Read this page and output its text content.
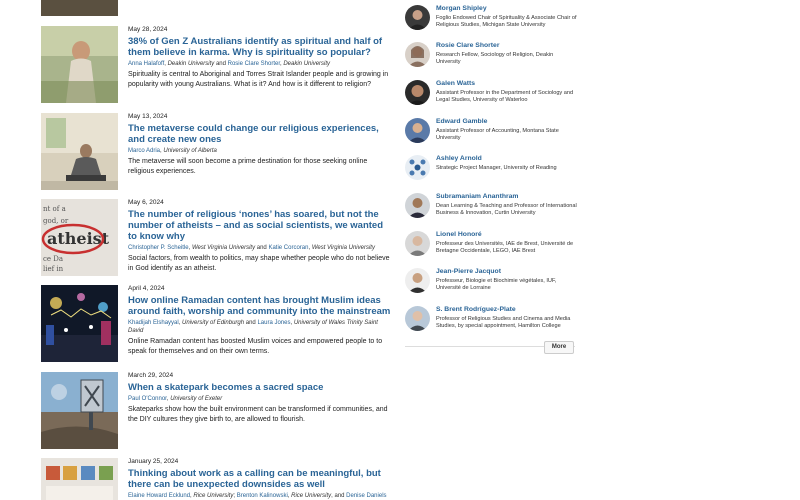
May 28, 2024

38% of Gen Z Australians identify as spiritual and half of them believe in karma. Why is spirituality so popular?

Anna Halafoff, Deakin University and Rosie Clare Shorter, Deakin University

Spirituality is central to Aboriginal and Torres Strait Islander people and is growing in popularity with young Australians. What is it? And how is it different to religion?

May 13, 2024

The metaverse could change our religious experiences, and create new ones

Marco Adria, University of Alberta

The metaverse will soon become a prime destination for those seeking online religious experiences.

nt of a
god, or
ce Da
lief in
atheist

May 6, 2024

The number of religious ‘nones’ has soared, but not the number of atheists – and as social scientists, we wanted to know why

Christopher P. Scheitle, West Virginia University and Katie Corcoran, West Virginia University

Social factors, from wealth to politics, may shape whether people who do not believe in God identify as an atheist.

April 4, 2024

How online Ramadan content has brought Muslim ideas around faith, worship and community into the mainstream

Khadijah Elshayyal, University of Edinburgh and Laura Jones, University of Wales Trinity Saint David

Online Ramadan content has boosted Muslim voices and empowered people to to speak for themselves and on their own terms.

March 29, 2024

When a skatepark becomes a sacred space

Paul O'Connor, University of Exeter

Skateparks show how the built environment can be transformed if communities, and the DIY cultures they give birth to, are allowed to flourish.

January 25, 2024

Thinking about work as a calling can be meaningful, but there can be unexpected downsides as well

Elaine Howard Ecklund, Rice University; Brenton Kalinowski, Rice University, and Denise Daniels

Morgan Shipley

Foglio Endowed Chair of Spirituality & Associate Chair of Religious Studies, Michigan State University

Rosie Clare Shorter

Research Fellow, Sociology of Religion, Deakin University

Galen Watts

Assistant Professor in the Department of Sociology and Legal Studies, University of Waterloo

Edward Gamble

Assistant Professor of Accounting, Montana State University

Ashley Arnold

Strategic Project Manager, University of Reading

Subramaniam Ananthram

Dean Learning & Teaching and Professor of International Business & Innovation, Curtin University

Lionel Honoré

Professeur des Universités, IAE de Brest, Université de Bretagne Occidentale, LEGO, IAE Brest

Jean-Pierre Jacquot

Professeur, Biologie et Biochimie végétales, IUF, Université de Lorraine

S. Brent Rodríguez-Plate

Professor of Religious Studies and Cinema and Media Studies, by special appointment, Hamilton College

More
